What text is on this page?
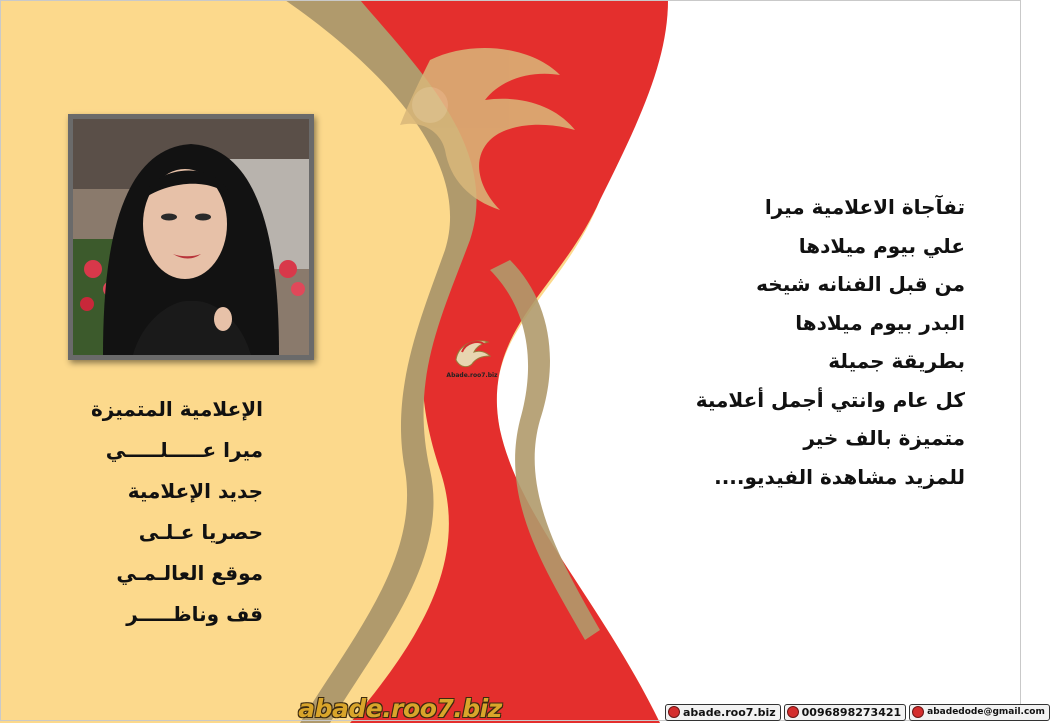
تفآجاة الاعلامية ميرا
علي بيوم ميلادها
من قبل الفنانه شيخه
البدر بيوم ميلادها
بطريقة جميلة
كل عام وانتي أجمل أعلامية
متميزة بالف خير
للمزيد مشاهدة الفيديو....
الإعلامية المتميزة
ميرا عـــــلـــــي
جديد الإعلامية
حصريا عـلـى
موقع العالـمـي
قف وناظـــــر
Abade.roo7.biz
abade.roo7.biz	abade.roo7.biz 0096898273421	abadedode@gmail.com
